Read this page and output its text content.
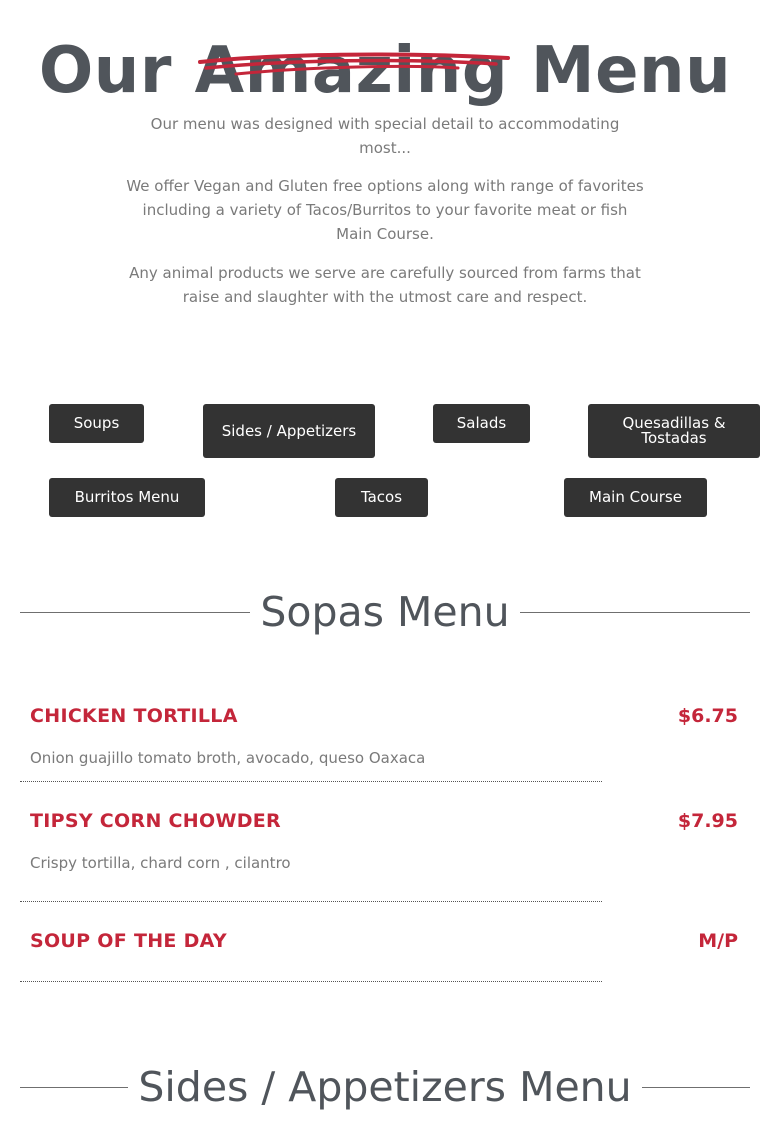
Our Amazing Menu

Our menu was designed with special detail to accommodating most...

We offer Vegan and Gluten free options along with range of favorites including a variety of Tacos/Burritos to your favorite meat or fish Main Course.

Any animal products we serve are carefully sourced from farms that raise and slaughter with the utmost care and respect.

Soups	Sides / Appetizers	Salads	Quesadillas & Tostadas
Burritos Menu	Tacos	Main Course
Sopas Menu
CHICKEN TORTILLA	$6.75
Onion guajillo tomato broth, avocado, queso Oaxaca
TIPSY CORN CHOWDER	$7.95
Crispy tortilla, chard corn , cilantro
SOUP OF THE DAY	M/P
Sides / Appetizers Menu
